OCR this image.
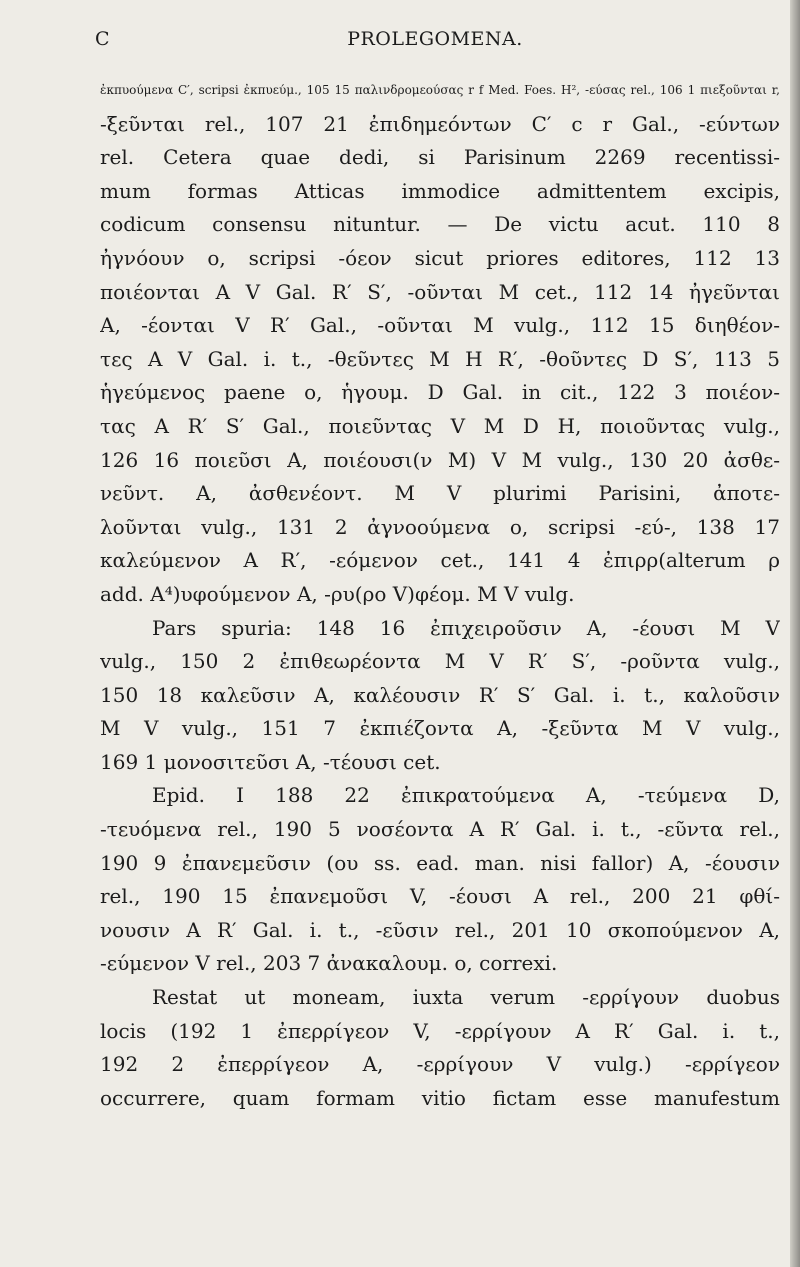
C	PROLEGOMENA.
ἐκπυούμενα C′, scripsi ἐκπυεύμ., 105 15 παλινδρομεούσας r f Med. Foes. H², -εύσας rel., 106 1 πιεξοῦνται r,
-ξεῦνται rel., 107 21 ἐπιδημεόντων C′ c r Gal., -εύντων
rel. Cetera quae dedi, si Parisinum 2269 recentissi-
mum formas Atticas immodice admittentem excipis,
codicum consensu nituntur. — De victu acut. 110 8
ἠγνόουν o, scripsi -όεον sicut priores editores, 112 13
ποιέονται A V Gal. R′ S′, -οῦνται M cet., 112 14 ἠγεῦνται
A, -έονται V R′ Gal., -οῦνται M vulg., 112 15 διηθέον-
τες A V Gal. i. t., -θεῦντες M H R′, -θοῦντες D S′, 113 5
ἡγεύμενος paene o, ἡγουμ. D Gal. in cit., 122 3 ποιέον-
τας A R′ S′ Gal., ποιεῦντας V M D H, ποιοῦντας vulg.,
126 16 ποιεῦσι A, ποιέουσι(ν M) V M vulg., 130 20 ἀσθε-
νεῦντ. A, ἀσθενέοντ. M V plurimi Parisini, ἀποτε-
λοῦνται vulg., 131 2 ἀγνοούμενα o, scripsi -εύ-, 138 17
καλεύμενον A R′, -εόμενον cet., 141 4 ἐπιρρ(alterum ρ
add. A⁴)υφούμενον A, -ρυ(ρο V)φέομ. M V vulg.
Pars spuria: 148 16 ἐπιχειροῦσιν A, -έουσι M V
vulg., 150 2 ἐπιθεωρέοντα M V R′ S′, -ροῦντα vulg.,
150 18 καλεῦσιν A, καλέουσιν R′ S′ Gal. i. t., καλοῦσιν
M V vulg., 151 7 ἐκπιέζοντα A, -ξεῦντα M V vulg.,
169 1 μονοσιτεῦσι A, -τέουσι cet.
Epid. I 188 22 ἐπικρατούμενα A, -τεύμενα D,
-τευόμενα rel., 190 5 νοσέοντα A R′ Gal. i. t., -εῦντα rel.,
190 9 ἐπανεμεῦσιν (ου ss. ead. man. nisi fallor) A, -έουσιν
rel., 190 15 ἐπανεμοῦσι V, -έουσι A rel., 200 21 φθί-
νουσιν A R′ Gal. i. t., -εῦσιν rel., 201 10 σκοπούμενον A,
-εύμενον V rel., 203 7 ἀνακαλουμ. o, correxi.
Restat ut moneam, iuxta verum -ερρίγουν duobus
locis (192 1 ἐπερρίγεον V, -ερρίγουν A R′ Gal. i. t.,
192 2 ἐπερρίγεον A, -ερρίγουν V vulg.) -ερρίγεον
occurrere, quam formam vitio fictam esse manufestum
